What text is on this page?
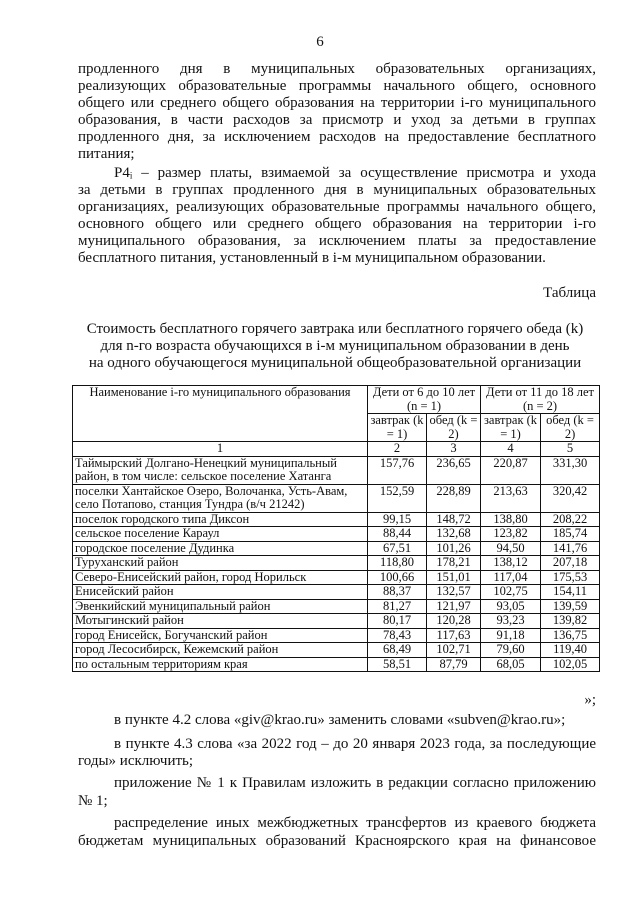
6

продленного дня в муниципальных образовательных организациях,

реализующих образовательные программы начального общего, основного

общего или среднего общего образования на территории i-го муниципального

образования, в части расходов за присмотр и уход за детьми в группах

продленного дня, за исключением расходов на предоставление бесплатного

питания;

Р4ᵢ – размер платы, взимаемой за осуществление присмотра и ухода

за детьми в группах продленного дня в муниципальных образовательных

организациях, реализующих образовательные программы начального общего,

основного общего или среднего общего образования на территории i-го

муниципального образования, за исключением платы за предоставление

бесплатного питания, установленный в i-м муниципальном образовании.

Таблица
Стоимость бесплатного горячего завтрака или бесплатного горячего обеда (k)
для n-го возраста обучающихся в i-м муниципальном образовании в день
на одного обучающегося муниципальной общеобразовательной организации
Наименование i-го муниципального образования	Дети от 6 до 10 лет (n = 1)		Дети от 11 до 18 лет (n = 2)	
	завтрак (k = 1)	обед (k = 2)	завтрак (k = 1)	обед (k = 2)
1	2	3	4	5
Таймырский Долгано-Ненецкий муниципальный район, в том числе: сельское поселение Хатанга	157,76	236,65	220,87	331,30
поселки Хантайское Озеро, Волочанка, Усть-Авам, село Потапово, станция Тундра (в/ч 21242)	152,59	228,89	213,63	320,42
поселок городского типа Диксон	99,15	148,72	138,80	208,22
сельское поселение Караул	88,44	132,68	123,82	185,74
городское поселение Дудинка	67,51	101,26	94,50	141,76
Туруханский район	118,80	178,21	138,12	207,18
Северо-Енисейский район, город Норильск	100,66	151,01	117,04	175,53
Енисейский район	88,37	132,57	102,75	154,11
Эвенкийский муниципальный район	81,27	121,97	93,05	139,59
Мотыгинский район	80,17	120,28	93,23	139,82
город Енисейск, Богучанский район	78,43	117,63	91,18	136,75
город Лесосибирск, Кежемский район	68,49	102,71	79,60	119,40
по остальным территориям края	58,51	87,79	68,05	102,05
»;

в пункте 4.2 слова «giv@krao.ru» заменить словами «subven@krao.ru»;

в пункте 4.3 слова «за 2022 год – до 20 января 2023 года, за последующие

годы» исключить;

приложение № 1 к Правилам изложить в редакции согласно приложению

№ 1;

распределение иных межбюджетных трансфертов из краевого бюджета

бюджетам муниципальных образований Красноярского края на финансовое
